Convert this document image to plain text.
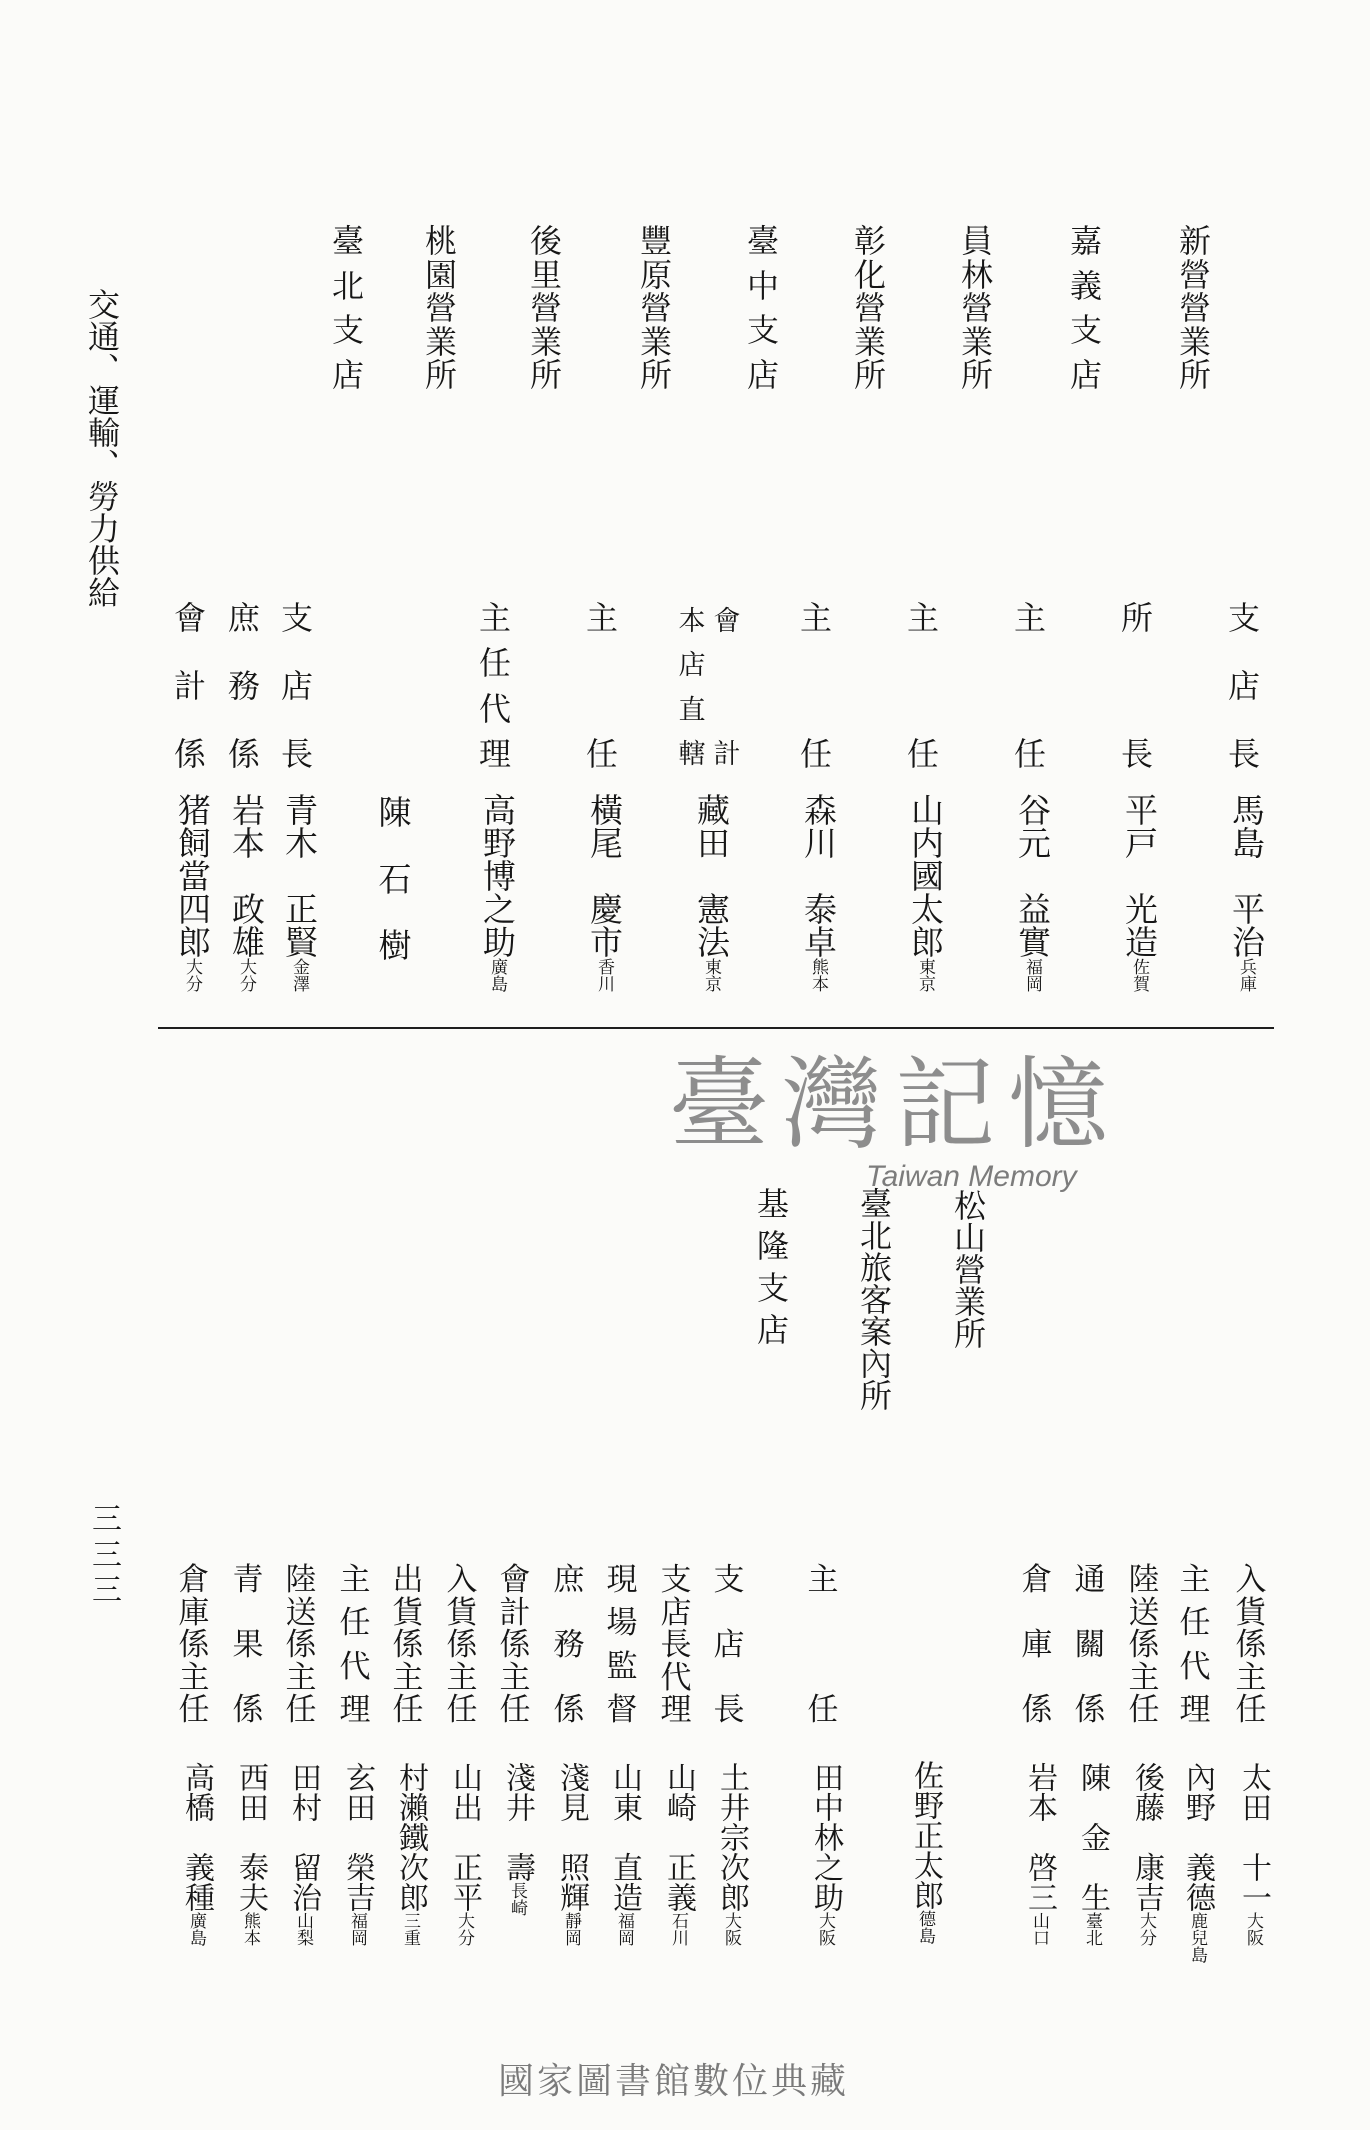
交通、運輸、勞力供給
三
三
三
新
營
營
業
所
嘉
義
支
店
員
林
營
業
所
彰
化
營
業
所
臺
中
支
店
豐
原
營
業
所
後
里
營
業
所
桃
園
營
業
所
臺
北
支
店
支
店
長
所
長
主
任
主
任
主
任
會
計
本
店
直
轄
主
任
主
任
代
理
支
店
長
庶
務
係
會
計
係
馬島　平治兵庫
平戸　光造佐賀
谷元　益實福岡
山内國太郎東京
森川　泰卓熊本
藏田　憲法東京
橫尾　慶市香川
高野博之助廣島
陳
石
樹
青木　正賢金澤
岩本　政雄大分
猪飼當四郎大分
臺灣記憶
Taiwan Memory
松
山
營
業
所
臺
北
旅
客
案
內
所
基
隆
支
店
入
貨
係
主
任
主
任
代
理
陸
送
係
主
任
通
關
係
倉
庫
係
主
任
支
店
長
支
店
長
代
理
現
場
監
督
庶
務
係
會
計
係
主
任
入
貨
係
主
任
出
貨
係
主
任
主
任
代
理
陸
送
係
主
任
青
果
係
倉
庫
係
主
任
太田　十一大阪
內野　義德鹿兒島
後藤　康吉大分
陳　金　生臺北
岩本　啓三山口
佐野正太郎德島
田中林之助大阪
土井宗次郎大阪
山崎　正義石川
山東　直造福岡
淺見　照輝靜岡
淺井　壽長崎
山出　正平大分
村瀨鐵次郎三重
玄田　榮吉福岡
田村　留治山梨
西田　泰夫熊本
高橋　義種廣島
國家圖書館數位典藏
